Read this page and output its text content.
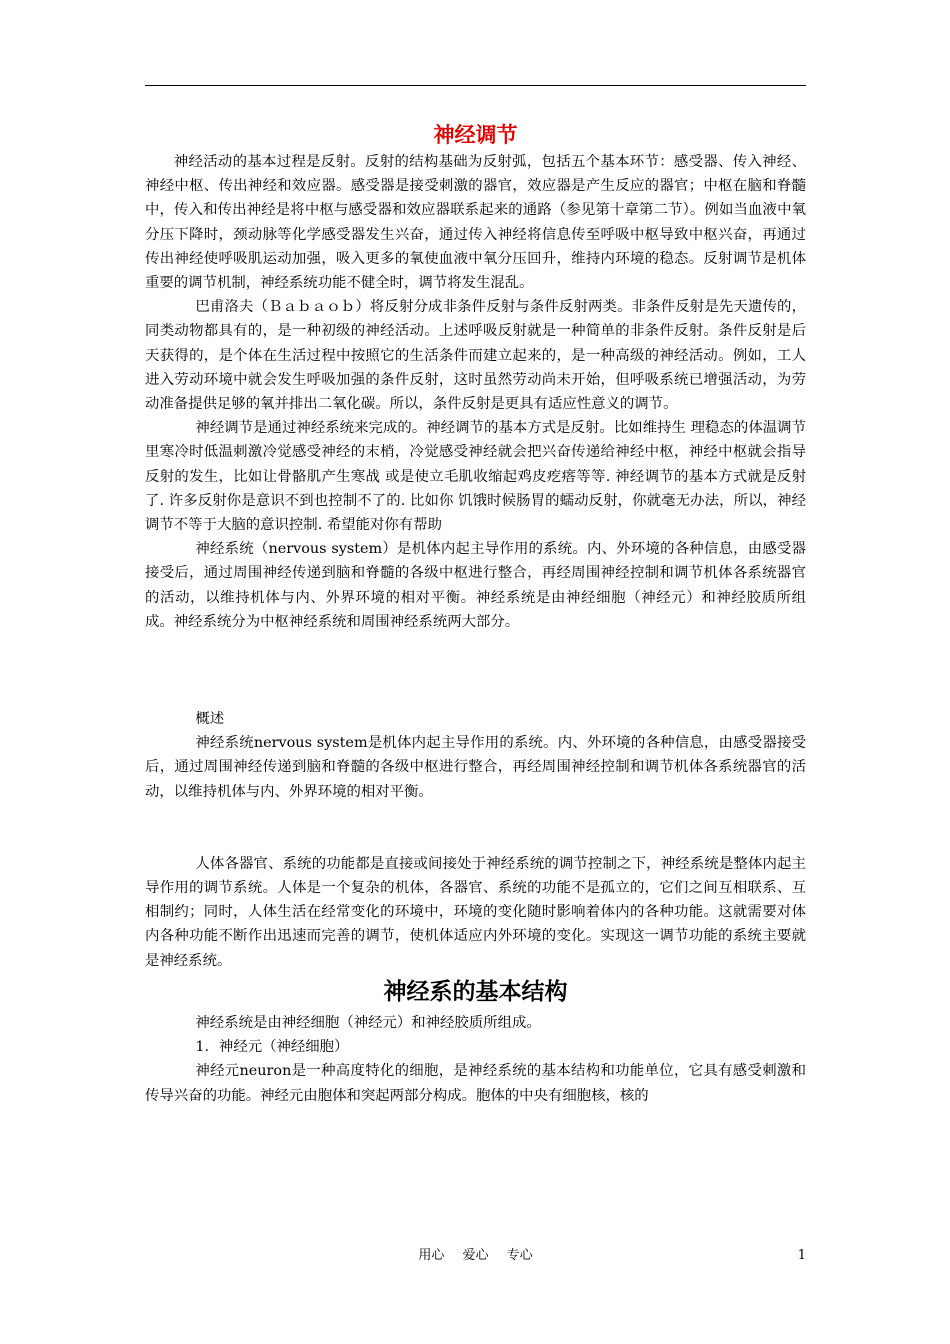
神经调节

神经活动的基本过程是反射。反射的结构基础为反射弧，包括五个基本环节：感受器、传入神经、神经中枢、传出神经和效应器。感受器是接受刺激的器官，效应器是产生反应的器官；中枢在脑和脊髓中，传入和传出神经是将中枢与感受器和效应器联系起来的通路（参见第十章第二节）。例如当血液中氧分压下降时，颈动脉等化学感受器发生兴奋，通过传入神经将信息传至呼吸中枢导致中枢兴奋，再通过传出神经使呼吸肌运动加强，吸入更多的氧使血液中氧分压回升，维持内环境的稳态。反射调节是机体重要的调节机制，神经系统功能不健全时，调节将发生混乱。

巴甫洛夫（Ｂａｂａｏｂ）将反射分成非条件反射与条件反射两类。非条件反射是先天遗传的，同类动物都具有的，是一种初级的神经活动。上述呼吸反射就是一种简单的非条件反射。条件反射是后天获得的，是个体在生活过程中按照它的生活条件而建立起来的，是一种高级的神经活动。例如，工人进入劳动环境中就会发生呼吸加强的条件反射，这时虽然劳动尚未开始，但呼吸系统已增强活动，为劳动准备提供足够的氧并排出二氧化碳。所以，条件反射是更具有适应性意义的调节。

神经调节是通过神经系统来完成的。神经调节的基本方式是反射。比如维持生 理稳态的体温调节里寒冷时低温刺激冷觉感受神经的末梢，冷觉感受神经就会把兴奋传递给神经中枢，神经中枢就会指导反射的发生，比如让骨骼肌产生寒战 或是使立毛肌收缩起鸡皮疙瘩等等. 神经调节的基本方式就是反射了. 许多反射你是意识不到也控制不了的. 比如你 饥饿时候肠胃的蠕动反射，你就毫无办法，所以，神经调节不等于大脑的意识控制. 希望能对你有帮助

神经系统（nervous system）是机体内起主导作用的系统。内、外环境的各种信息，由感受器接受后，通过周围神经传递到脑和脊髓的各级中枢进行整合，再经周围神经控制和调节机体各系统器官的活动，以维持机体与内、外界环境的相对平衡。神经系统是由神经细胞（神经元）和神经胶质所组成。神经系统分为中枢神经系统和周围神经系统两大部分。

概述

神经系统nervous system是机体内起主导作用的系统。内、外环境的各种信息，由感受器接受后，通过周围神经传递到脑和脊髓的各级中枢进行整合，再经周围神经控制和调节机体各系统器官的活动，以维持机体与内、外界环境的相对平衡。

人体各器官、系统的功能都是直接或间接处于神经系统的调节控制之下，神经系统是整体内起主导作用的调节系统。人体是一个复杂的机体，各器官、系统的功能不是孤立的，它们之间互相联系、互相制约；同时，人体生活在经常变化的环境中，环境的变化随时影响着体内的各种功能。这就需要对体内各种功能不断作出迅速而完善的调节，使机体适应内外环境的变化。实现这一调节功能的系统主要就是神经系统。

神经系的基本结构

神经系统是由神经细胞（神经元）和神经胶质所组成。

1．神经元（神经细胞）

神经元neuron是一种高度特化的细胞，是神经系统的基本结构和功能单位，它具有感受刺激和传导兴奋的功能。神经元由胞体和突起两部分构成。胞体的中央有细胞核，核的

用心 爱心 专心	1
